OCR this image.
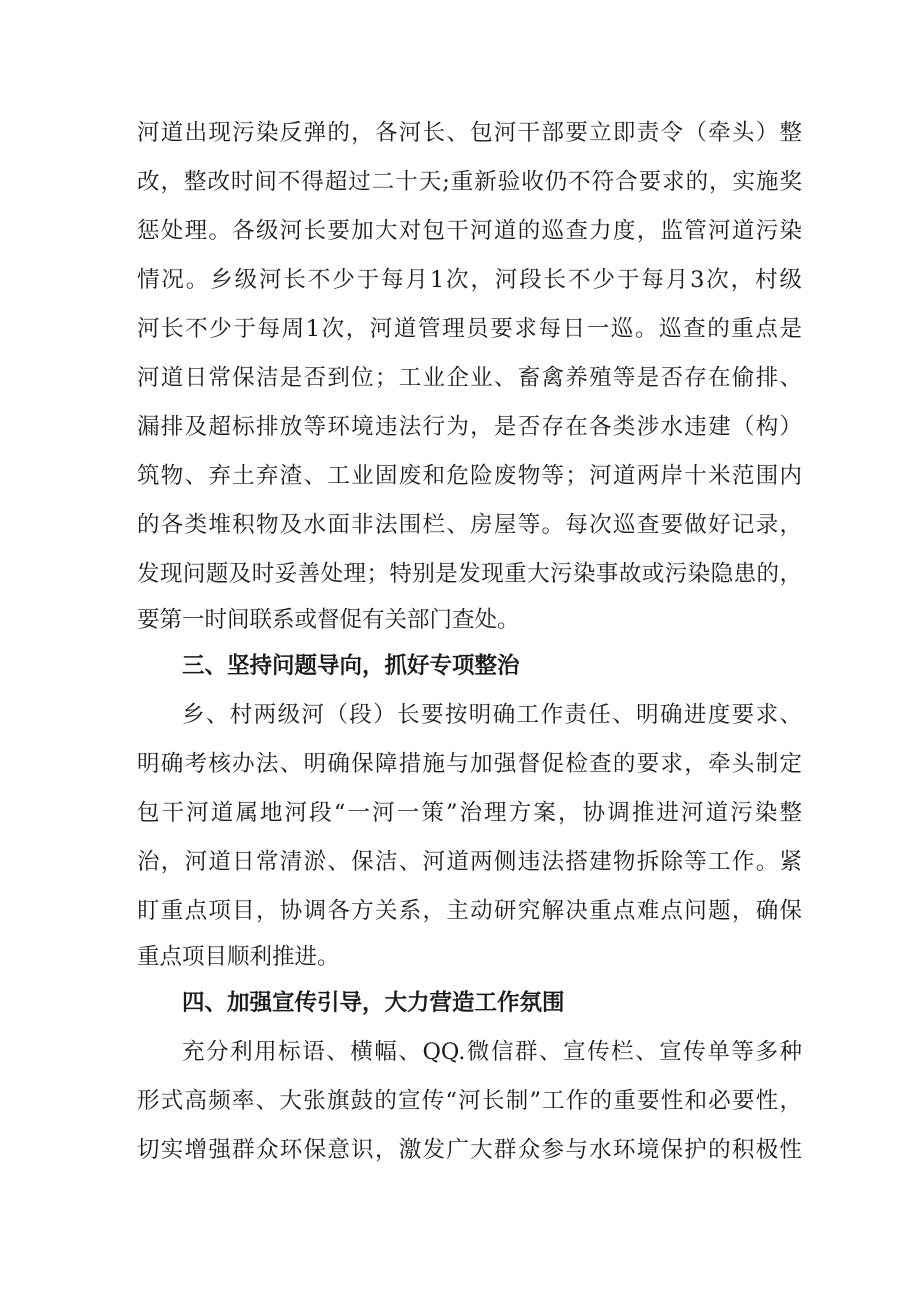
河道出现污染反弹的，各河长、包河干部要立即责令（牵头）整
改，整改时间不得超过二十天;重新验收仍不符合要求的，实施奖
惩处理。各级河长要加大对包干河道的巡查力度，监管河道污染
情况。乡级河长不少于每月1次，河段长不少于每月3次，村级
河长不少于每周1次，河道管理员要求每日一巡。巡查的重点是
河道日常保洁是否到位；工业企业、畜禽养殖等是否存在偷排、
漏排及超标排放等环境违法行为，是否存在各类涉水违建（构）
筑物、弃土弃渣、工业固废和危险废物等；河道两岸十米范围内
的各类堆积物及水面非法围栏、房屋等。每次巡查要做好记录，
发现问题及时妥善处理；特别是发现重大污染事故或污染隐患的，
要第一时间联系或督促有关部门查处。
三、坚持问题导向，抓好专项整治
乡、村两级河（段）长要按明确工作责任、明确进度要求、
明确考核办法、明确保障措施与加强督促检查的要求，牵头制定
包干河道属地河段“一河一策”治理方案，协调推进河道污染整
治，河道日常清淤、保洁、河道两侧违法搭建物拆除等工作。紧
盯重点项目，协调各方关系，主动研究解决重点难点问题，确保
重点项目顺利推进。
四、加强宣传引导，大力营造工作氛围
充分利用标语、横幅、QQ.微信群、宣传栏、宣传单等多种
形式高频率、大张旗鼓的宣传“河长制”工作的重要性和必要性，
切实增强群众环保意识，激发广大群众参与水环境保护的积极性
